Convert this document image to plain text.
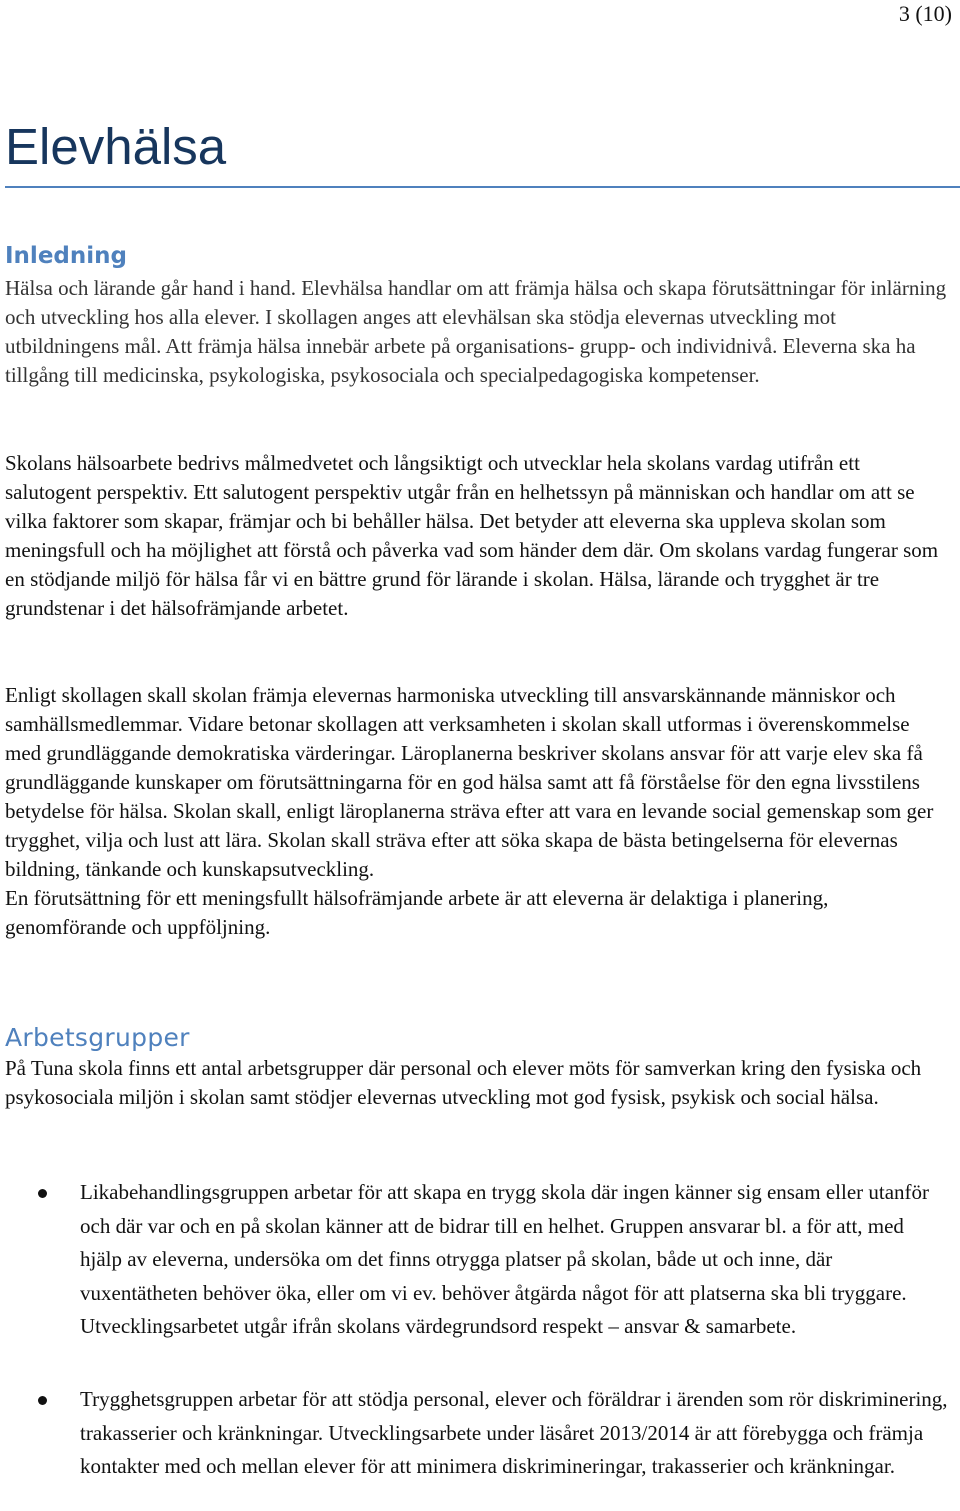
3 (10)
Elevhälsa
Inledning

Hälsa och lärande går hand i hand. Elevhälsa handlar om att främja hälsa och skapa förutsättningar för inlärning och utveckling hos alla elever. I skollagen anges att elevhälsan ska stödja elevernas utveckling mot utbildningens mål. Att främja hälsa innebär arbete på organisations- grupp- och individnivå. Eleverna ska ha tillgång till medicinska, psykologiska, psykosociala och specialpedagogiska kompetenser.

Skolans hälsoarbete bedrivs målmedvetet och långsiktigt och utvecklar hela skolans vardag utifrån ett salutogent perspektiv. Ett salutogent perspektiv utgår från en helhetssyn på människan och handlar om att se vilka faktorer som skapar, främjar och bi behåller hälsa. Det betyder att eleverna ska uppleva skolan som meningsfull och ha möjlighet att förstå och påverka vad som händer dem där. Om skolans vardag fungerar som en stödjande miljö för hälsa får vi en bättre grund för lärande i skolan. Hälsa, lärande och trygghet är tre grundstenar i det hälsofrämjande arbetet.

Enligt skollagen skall skolan främja elevernas harmoniska utveckling till ansvarskännande människor och samhällsmedlemmar. Vidare betonar skollagen att verksamheten i skolan skall utformas i överenskommelse med grundläggande demokratiska värderingar. Läroplanerna beskriver skolans ansvar för att varje elev ska få grundläggande kunskaper om förutsättningarna för en god hälsa samt att få förståelse för den egna livsstilens betydelse för hälsa. Skolan skall, enligt läroplanerna sträva efter att vara en levande social gemenskap som ger trygghet, vilja och lust att lära. Skolan skall sträva efter att söka skapa de bästa betingelserna för elevernas bildning, tänkande och kunskapsutveckling.
En förutsättning för ett meningsfullt hälsofrämjande arbete är att eleverna är delaktiga i planering, genomförande och uppföljning.
Arbetsgrupper

På Tuna skola finns ett antal arbetsgrupper där personal och elever möts för samverkan kring den fysiska och psykosociala miljön i skolan samt stödjer elevernas utveckling mot god fysisk, psykisk och social hälsa.

Likabehandlingsgruppen arbetar för att skapa en trygg skola där ingen känner sig ensam eller utanför och där var och en på skolan känner att de bidrar till en helhet. Gruppen ansvarar bl. a för att, med hjälp av eleverna, undersöka om det finns otrygga platser på skolan, både ut och inne, där vuxentätheten behöver öka, eller om vi ev. behöver åtgärda något för att platserna ska bli tryggare. Utvecklingsarbetet utgår ifrån skolans värdegrundsord respekt – ansvar & samarbete.
Trygghetsgruppen arbetar för att stödja personal, elever och föräldrar i ärenden som rör diskriminering, trakasserier och kränkningar. Utvecklingsarbete under läsåret 2013/2014 är att förebygga och främja kontakter med och mellan elever för att minimera diskrimineringar, trakasserier och kränkningar.
